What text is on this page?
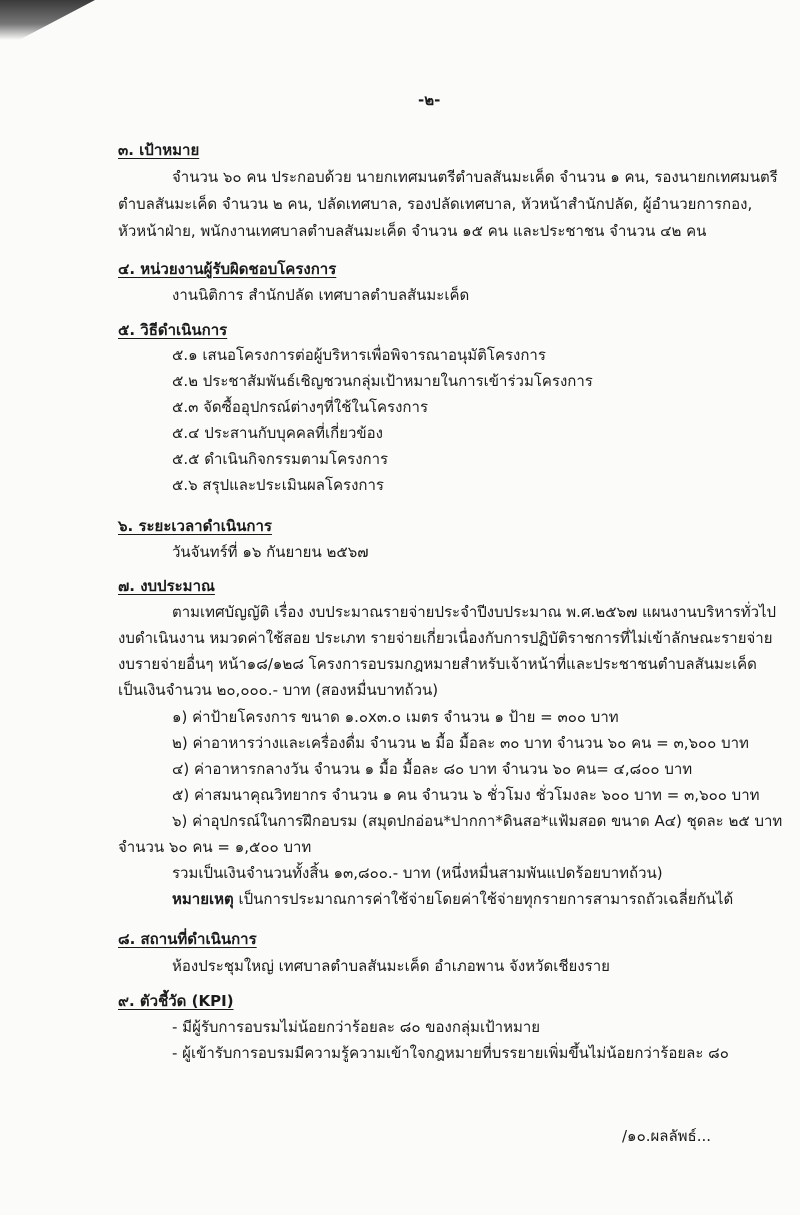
-๒-
๓. เป้าหมาย
จำนวน ๖๐ คน ประกอบด้วย นายกเทศมนตรีตำบลสันมะเค็ด จำนวน ๑ คน, รองนายกเทศมนตรี
ตำบลสันมะเค็ด จำนวน ๒ คน, ปลัดเทศบาล, รองปลัดเทศบาล, หัวหน้าสำนักปลัด, ผู้อำนวยการกอง,
หัวหน้าฝ่าย, พนักงานเทศบาลตำบลสันมะเค็ด จำนวน ๑๕ คน และประชาชน จำนวน ๔๒ คน
๔. หน่วยงานผู้รับผิดชอบโครงการ
งานนิติการ สำนักปลัด เทศบาลตำบลสันมะเค็ด
๕. วิธีดำเนินการ
๕.๑ เสนอโครงการต่อผู้บริหารเพื่อพิจารณาอนุมัติโครงการ
๕.๒ ประชาสัมพันธ์เชิญชวนกลุ่มเป้าหมายในการเข้าร่วมโครงการ
๕.๓ จัดซื้ออุปกรณ์ต่างๆที่ใช้ในโครงการ
๕.๔ ประสานกับบุคคลที่เกี่ยวข้อง
๕.๕ ดำเนินกิจกรรมตามโครงการ
๕.๖ สรุปและประเมินผลโครงการ
๖. ระยะเวลาดำเนินการ
วันจันทร์ที่ ๑๖ กันยายน ๒๕๖๗
๗. งบประมาณ
ตามเทศบัญญัติ เรื่อง งบประมาณรายจ่ายประจำปีงบประมาณ พ.ศ.๒๕๖๗ แผนงานบริหารทั่วไป
งบดำเนินงาน หมวดค่าใช้สอย ประเภท รายจ่ายเกี่ยวเนื่องกับการปฏิบัติราชการที่ไม่เข้าลักษณะรายจ่าย
งบรายจ่ายอื่นๆ หน้า๑๘/๑๒๘ โครงการอบรมกฎหมายสำหรับเจ้าหน้าที่และประชาชนตำบลสันมะเค็ด
เป็นเงินจำนวน ๒๐,๐๐๐.- บาท (สองหมื่นบาทถ้วน)
๑) ค่าป้ายโครงการ ขนาด ๑.๐x๓.๐ เมตร จำนวน ๑ ป้าย = ๓๐๐ บาท
๒) ค่าอาหารว่างและเครื่องดื่ม จำนวน ๒ มื้อ มื้อละ ๓๐ บาท จำนวน ๖๐ คน = ๓,๖๐๐ บาท
๔) ค่าอาหารกลางวัน จำนวน ๑ มื้อ มื้อละ ๘๐ บาท จำนวน ๖๐ คน= ๔,๘๐๐ บาท
๕) ค่าสมนาคุณวิทยากร จำนวน ๑ คน จำนวน ๖ ชั่วโมง ชั่วโมงละ ๖๐๐ บาท = ๓,๖๐๐ บาท
๖) ค่าอุปกรณ์ในการฝึกอบรม (สมุดปกอ่อน*ปากกา*ดินสอ*แฟ้มสอด ขนาด A๔) ชุดละ ๒๕ บาท
จำนวน ๖๐ คน = ๑,๕๐๐ บาท
รวมเป็นเงินจำนวนทั้งสิ้น ๑๓,๘๐๐.- บาท (หนึ่งหมื่นสามพันแปดร้อยบาทถ้วน)
หมายเหตุ เป็นการประมาณการค่าใช้จ่ายโดยค่าใช้จ่ายทุกรายการสามารถถัวเฉลี่ยกันได้
๘. สถานที่ดำเนินการ
ห้องประชุมใหญ่ เทศบาลตำบลสันมะเค็ด อำเภอพาน จังหวัดเชียงราย
๙. ตัวชี้วัด (KPI)
- มีผู้รับการอบรมไม่น้อยกว่าร้อยละ ๘๐ ของกลุ่มเป้าหมาย
- ผู้เข้ารับการอบรมมีความรู้ความเข้าใจกฎหมายที่บรรยายเพิ่มขึ้นไม่น้อยกว่าร้อยละ ๘๐
/๑๐.ผลลัพธ์...
